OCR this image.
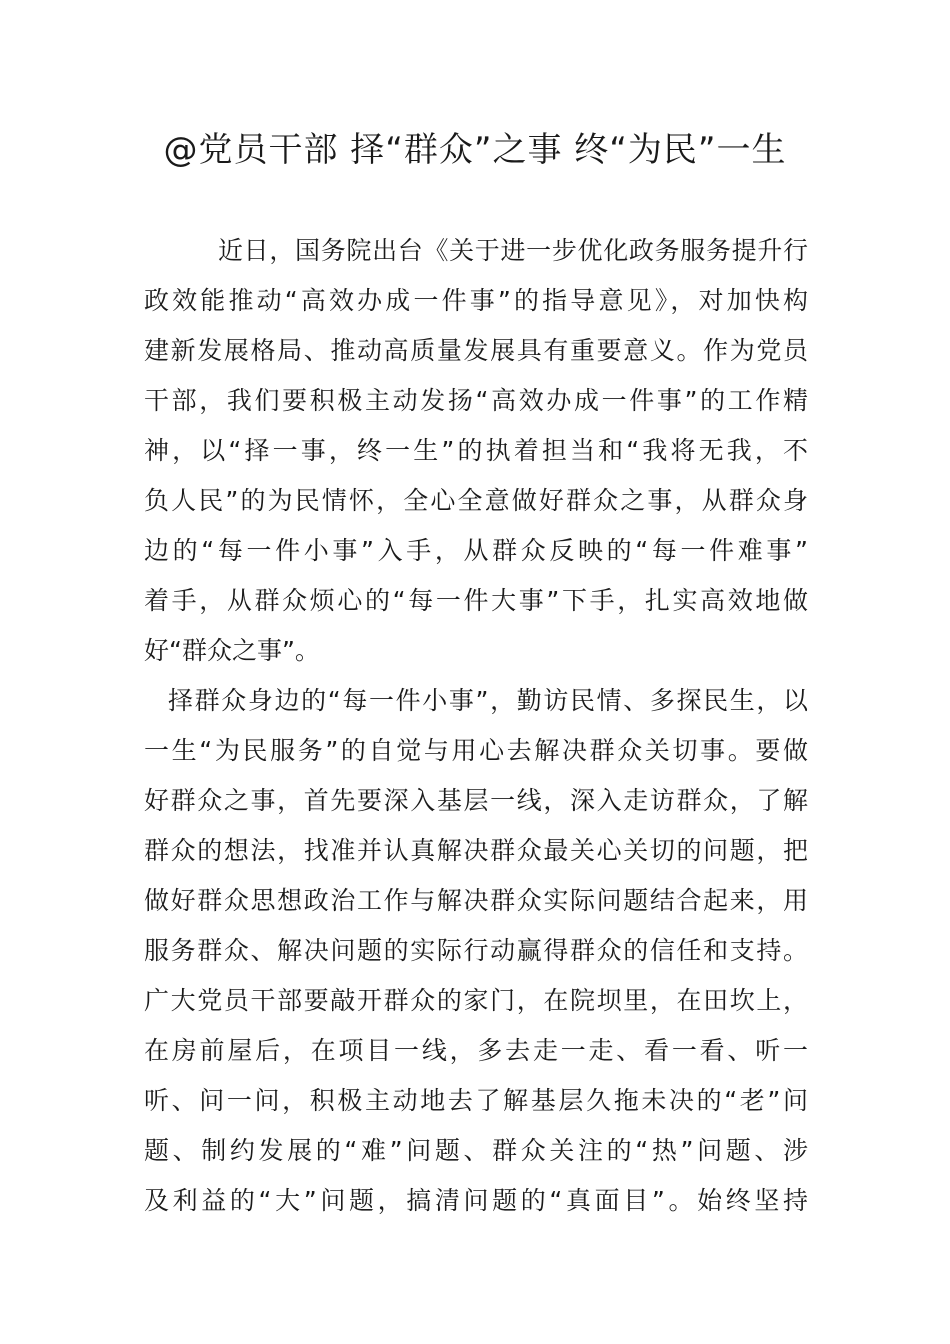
@党员干部 择“群众”之事 终“为民”一生

近日，国务院出台《关于进一步优化政务服务提升行

政效能推动“高效办成一件事”的指导意见》，对加快构

建新发展格局、推动高质量发展具有重要意义。作为党员

干部，我们要积极主动发扬“高效办成一件事”的工作精

神，以“择一事，终一生”的执着担当和“我将无我，不

负人民”的为民情怀，全心全意做好群众之事，从群众身

边的“每一件小事”入手，从群众反映的“每一件难事”

着手，从群众烦心的“每一件大事”下手，扎实高效地做

好“群众之事”。

择群众身边的“每一件小事”，勤访民情、多探民生，以

一生“为民服务”的自觉与用心去解决群众关切事。要做

好群众之事，首先要深入基层一线，深入走访群众，了解

群众的想法，找准并认真解决群众最关心关切的问题，把

做好群众思想政治工作与解决群众实际问题结合起来，用

服务群众、解决问题的实际行动赢得群众的信任和支持。

广大党员干部要敲开群众的家门，在院坝里，在田坎上，

在房前屋后，在项目一线，多去走一走、看一看、听一

听、问一问，积极主动地去了解基层久拖未决的“老”问

题、制约发展的“难”问题、群众关注的“热”问题、涉

及利益的“大”问题，搞清问题的“真面目”。始终坚持
